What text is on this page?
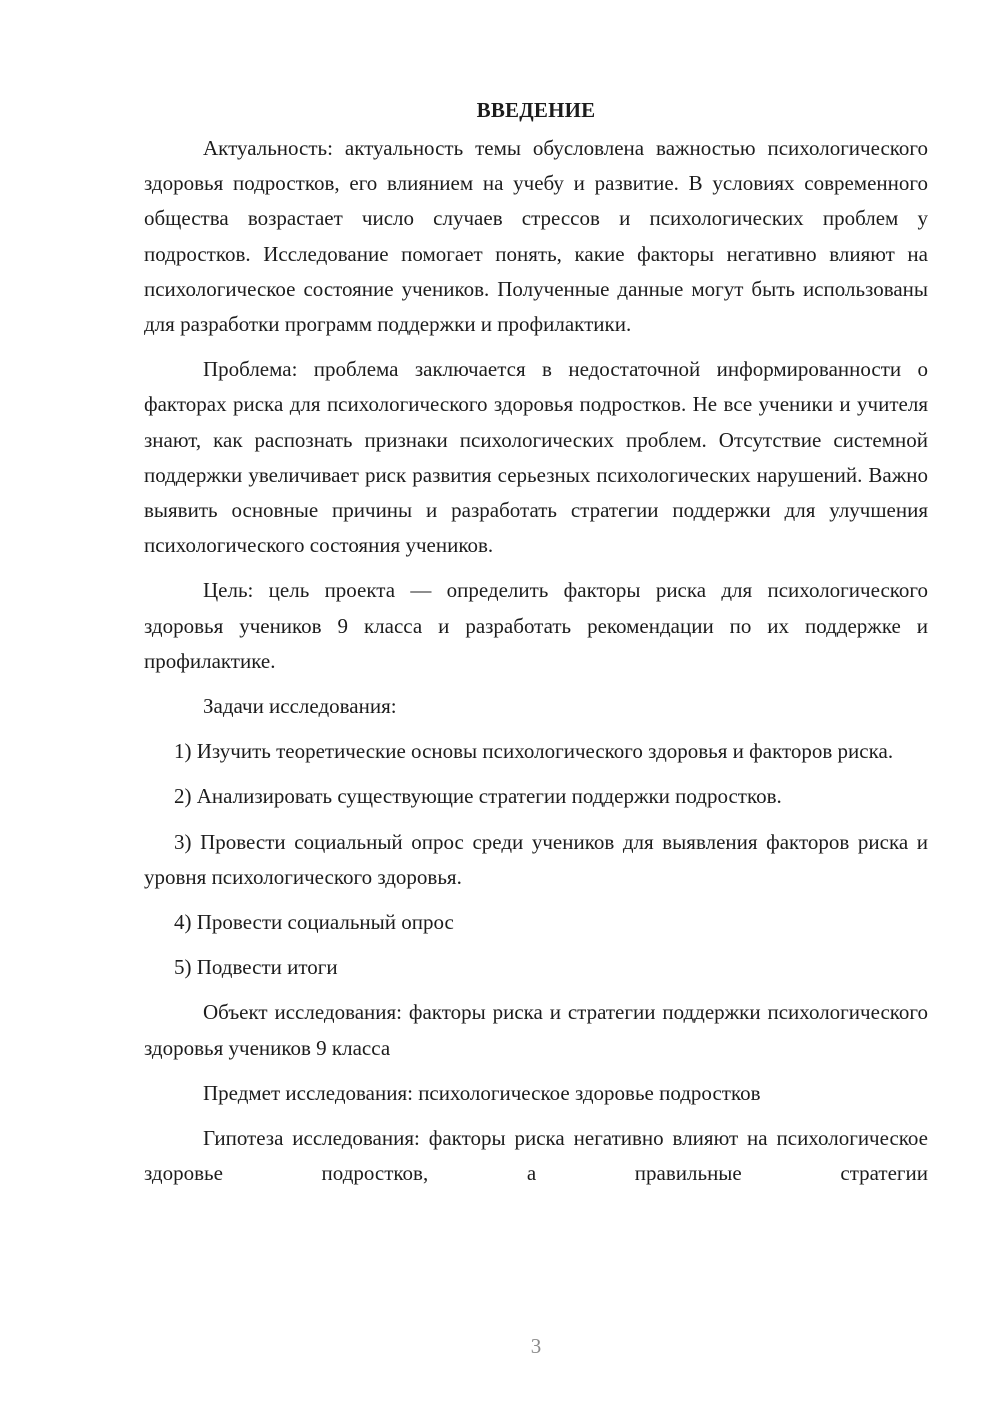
ВВЕДЕНИЕ

Актуальность: актуальность темы обусловлена важностью психологического здоровья подростков, его влиянием на учебу и развитие. В условиях современного общества возрастает число случаев стрессов и психологических проблем у подростков. Исследование помогает понять, какие факторы негативно влияют на психологическое состояние учеников. Полученные данные могут быть использованы для разработки программ поддержки и профилактики.

Проблема: проблема заключается в недостаточной информированности о факторах риска для психологического здоровья подростков. Не все ученики и учителя знают, как распознать признаки психологических проблем. Отсутствие системной поддержки увеличивает риск развития серьезных психологических нарушений. Важно выявить основные причины и разработать стратегии поддержки для улучшения психологического состояния учеников.

Цель: цель проекта — определить факторы риска для психологического здоровья учеников 9 класса и разработать рекомендации по их поддержке и профилактике.

Задачи исследования:

1) Изучить теоретические основы психологического здоровья и факторов риска.

2) Анализировать существующие стратегии поддержки подростков.

3) Провести социальный опрос среди учеников для выявления факторов риска и уровня психологического здоровья.

4) Провести социальный опрос

5) Подвести итоги

Объект исследования: факторы риска и стратегии поддержки психологического здоровья учеников 9 класса

Предмет исследования: психологическое здоровье подростков

Гипотеза исследования: факторы риска негативно влияют на психологическое здоровье подростков, а правильные стратегии

3
